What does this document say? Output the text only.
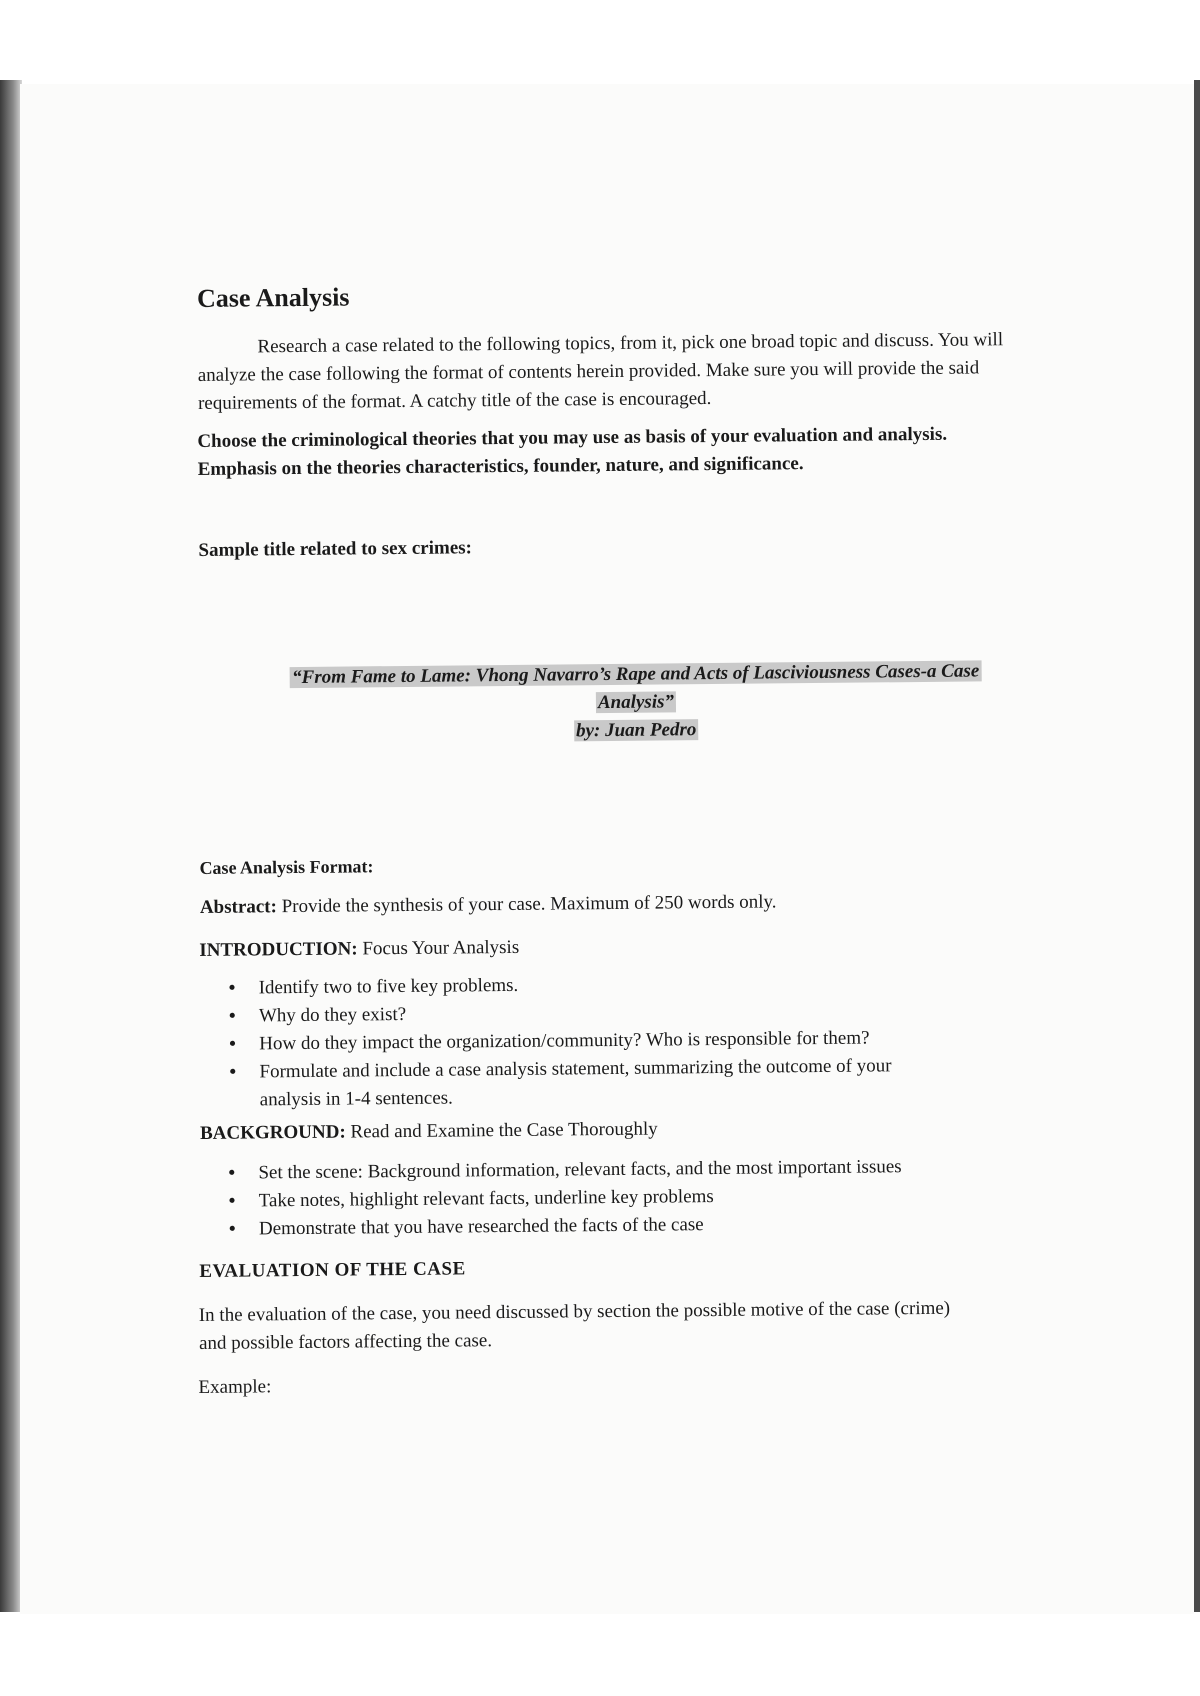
Case Analysis
Research a case related to the following topics, from it, pick one broad topic and discuss. You will analyze the case following the format of contents herein provided. Make sure you will provide the said requirements of the format. A catchy title of the case is encouraged.
Choose the criminological theories that you may use as basis of your evaluation and analysis. Emphasis on the theories characteristics, founder, nature, and significance.
Sample title related to sex crimes:
“From Fame to Lame: Vhong Navarro’s Rape and Acts of Lasciviousness Cases-a Case
Analysis”
by: Juan Pedro
Case Analysis Format:
Abstract: Provide the synthesis of your case. Maximum of 250 words only.
INTRODUCTION: Focus Your Analysis
• Identify two to five key problems.
• Why do they exist?
• How do they impact the organization/community? Who is responsible for them?
• Formulate and include a case analysis statement, summarizing the outcome of your analysis in 1-4 sentences.
BACKGROUND: Read and Examine the Case Thoroughly
• Set the scene: Background information, relevant facts, and the most important issues
• Take notes, highlight relevant facts, underline key problems
• Demonstrate that you have researched the facts of the case
EVALUATION OF THE CASE
In the evaluation of the case, you need discussed by section the possible motive of the case (crime) and possible factors affecting the case.
Example:
